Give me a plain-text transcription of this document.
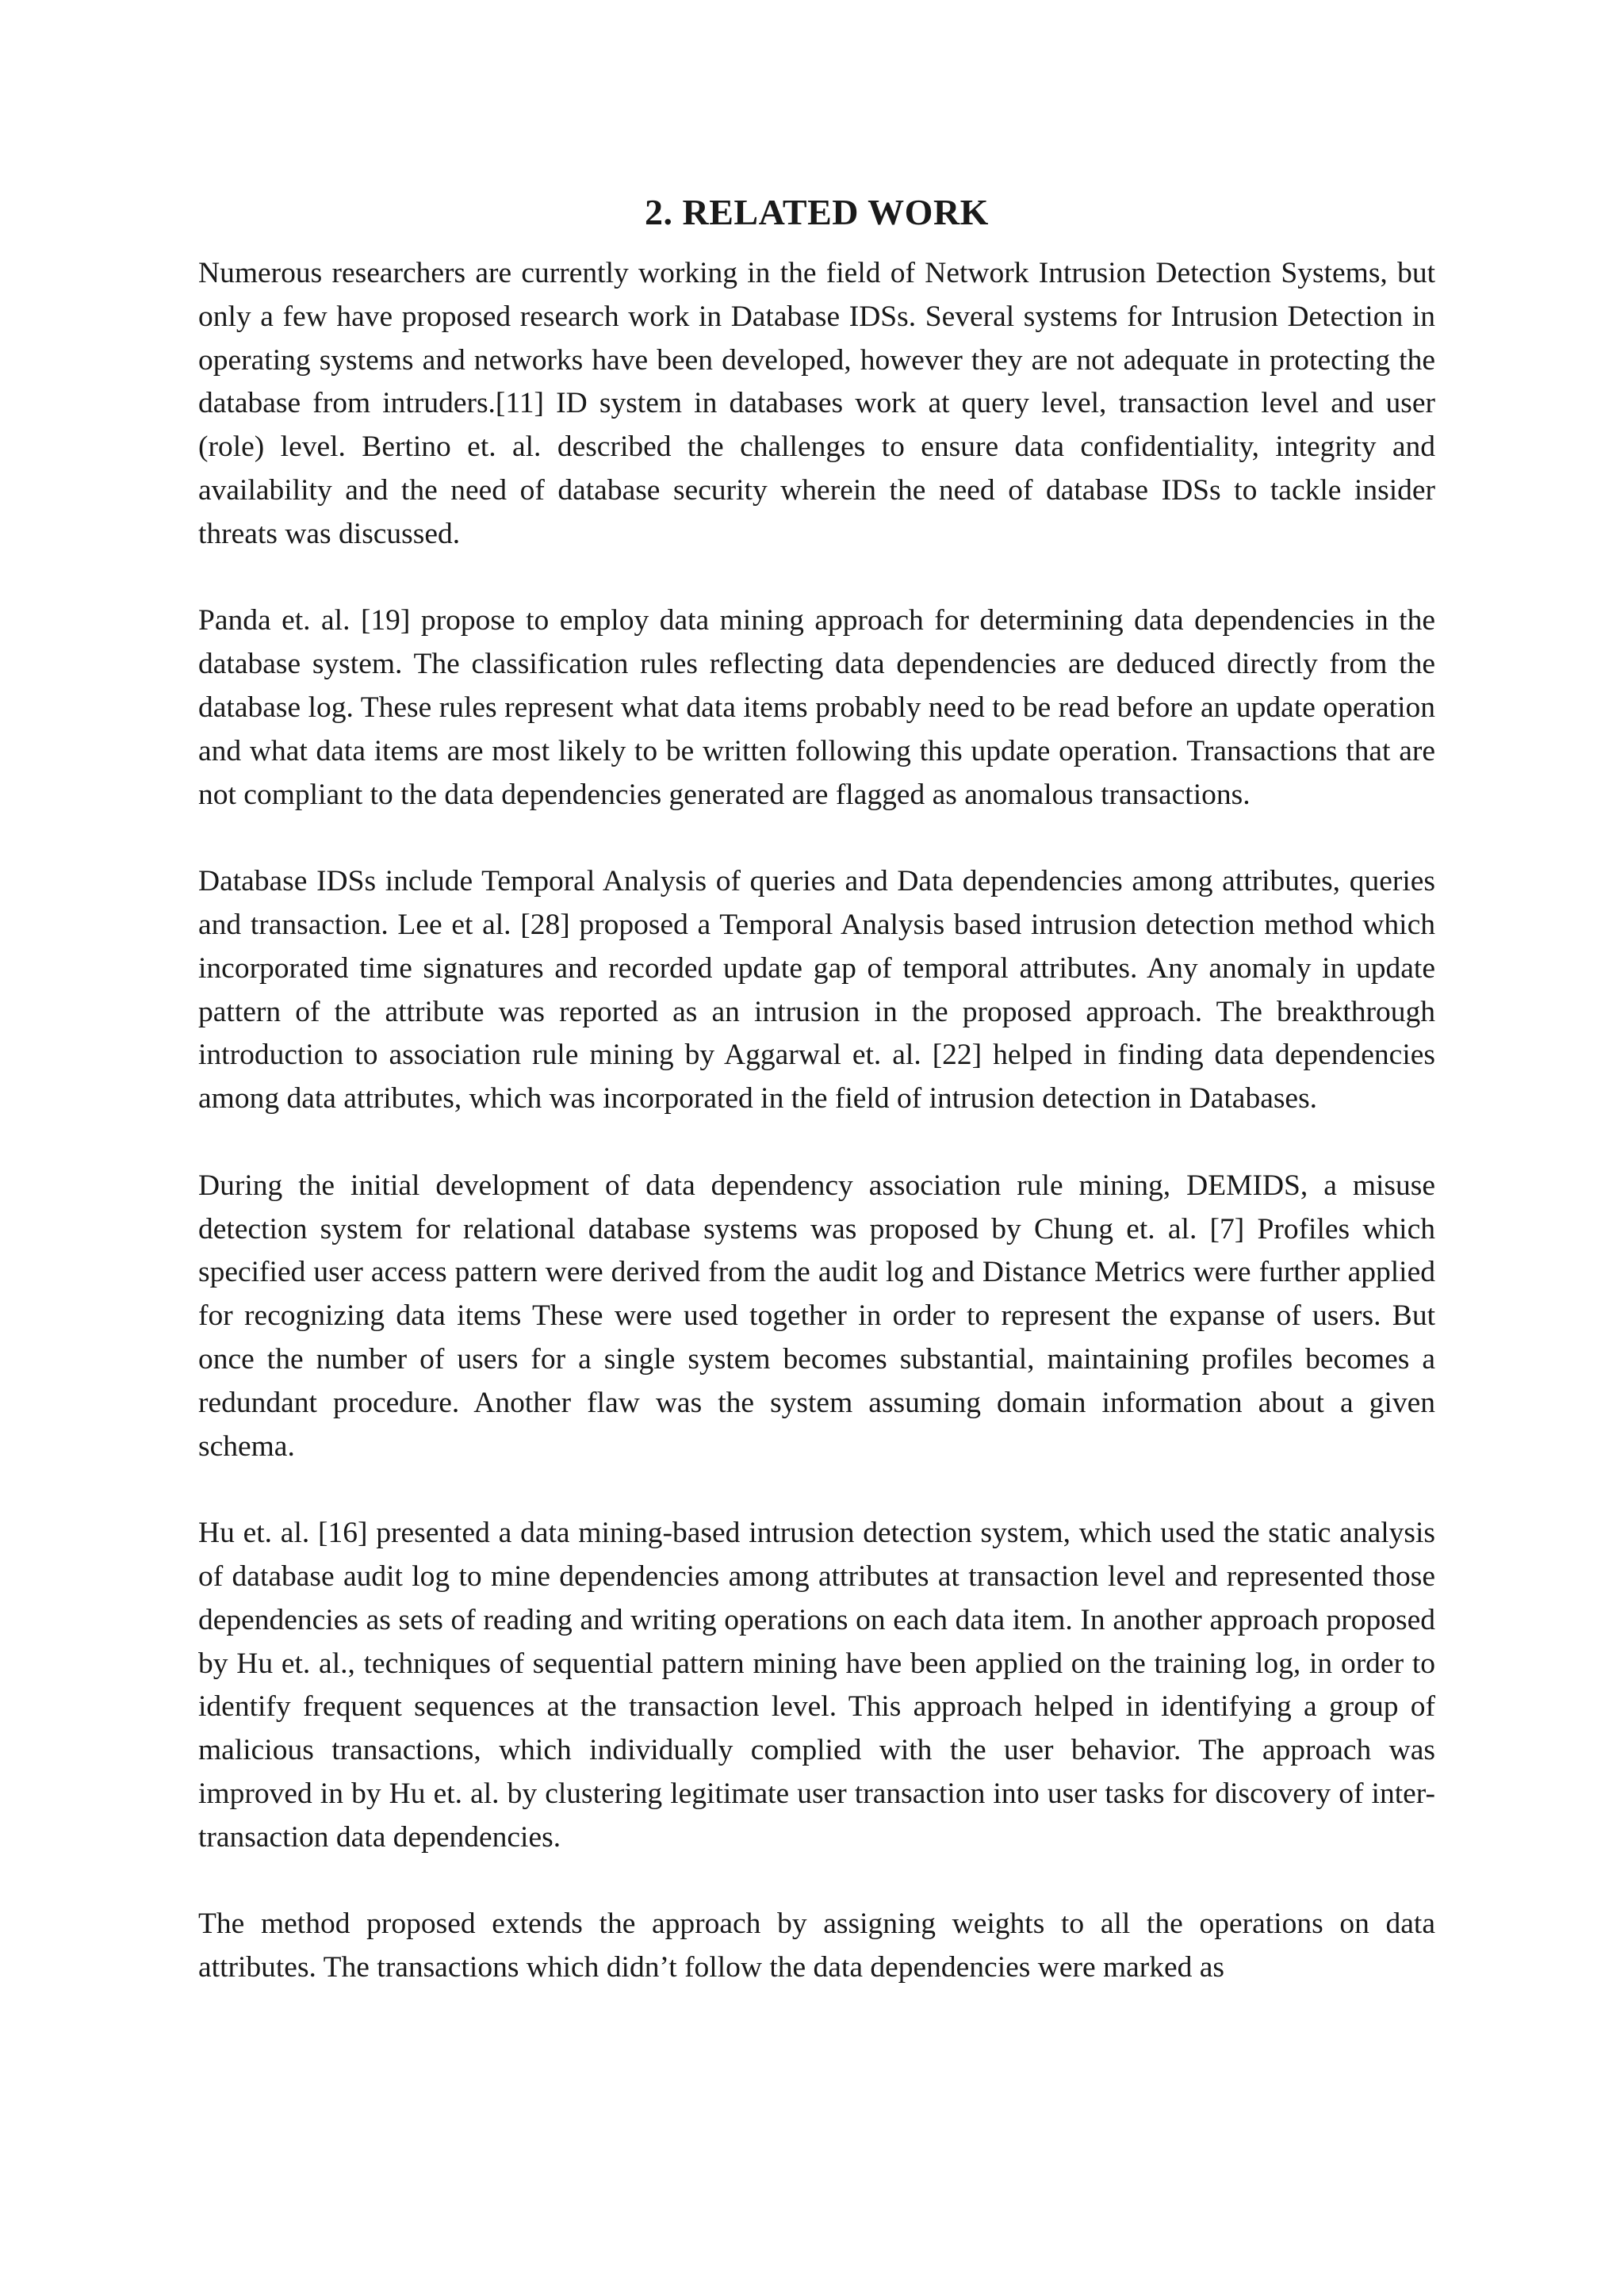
2. RELATED WORK

Numerous researchers are currently working in the field of Network Intrusion Detection Systems, but only a few have proposed research work in Database IDSs. Several systems for Intrusion Detection in operating systems and networks have been developed, however they are not adequate in protecting the database from intruders.[11] ID system in databases work at query level, transaction level and user (role) level. Bertino et. al. described the challenges to ensure data confidentiality, integrity and availability and the need of database security wherein the need of database IDSs to tackle insider threats was discussed.

Panda et. al. [19] propose to employ data mining approach for determining data dependencies in the database system. The classification rules reflecting data dependencies are deduced directly from the database log. These rules represent what data items probably need to be read before an update operation and what data items are most likely to be written following this update operation. Transactions that are not compliant to the data dependencies generated are flagged as anomalous transactions.

Database IDSs include Temporal Analysis of queries and Data dependencies among attributes, queries and transaction. Lee et al. [28] proposed a Temporal Analysis based intrusion detection method which incorporated time signatures and recorded update gap of temporal attributes. Any anomaly in update pattern of the attribute was reported as an intrusion in the proposed approach. The breakthrough introduction to association rule mining by Aggarwal et. al. [22] helped in finding data dependencies among data attributes, which was incorporated in the field of intrusion detection in Databases.

During the initial development of data dependency association rule mining, DEMIDS, a misuse detection system for relational database systems was proposed by Chung et. al. [7] Profiles which specified user access pattern were derived from the audit log and Distance Metrics were further applied for recognizing data items These were used together in order to represent the expanse of users. But once the number of users for a single system becomes substantial, maintaining profiles becomes a redundant procedure. Another flaw was the system assuming domain information about a given schema.

Hu et. al. [16] presented a data mining-based intrusion detection system, which used the static analysis of database audit log to mine dependencies among attributes at transaction level and represented those dependencies as sets of reading and writing operations on each data item. In another approach proposed by Hu et. al., techniques of sequential pattern mining have been applied on the training log, in order to identify frequent sequences at the transaction level. This approach helped in identifying a group of malicious transactions, which individually complied with the user behavior. The approach was improved in by Hu et. al. by clustering legitimate user transaction into user tasks for discovery of inter-transaction data dependencies.

The method proposed extends the approach by assigning weights to all the operations on data attributes. The transactions which didn’t follow the data dependencies were marked as
